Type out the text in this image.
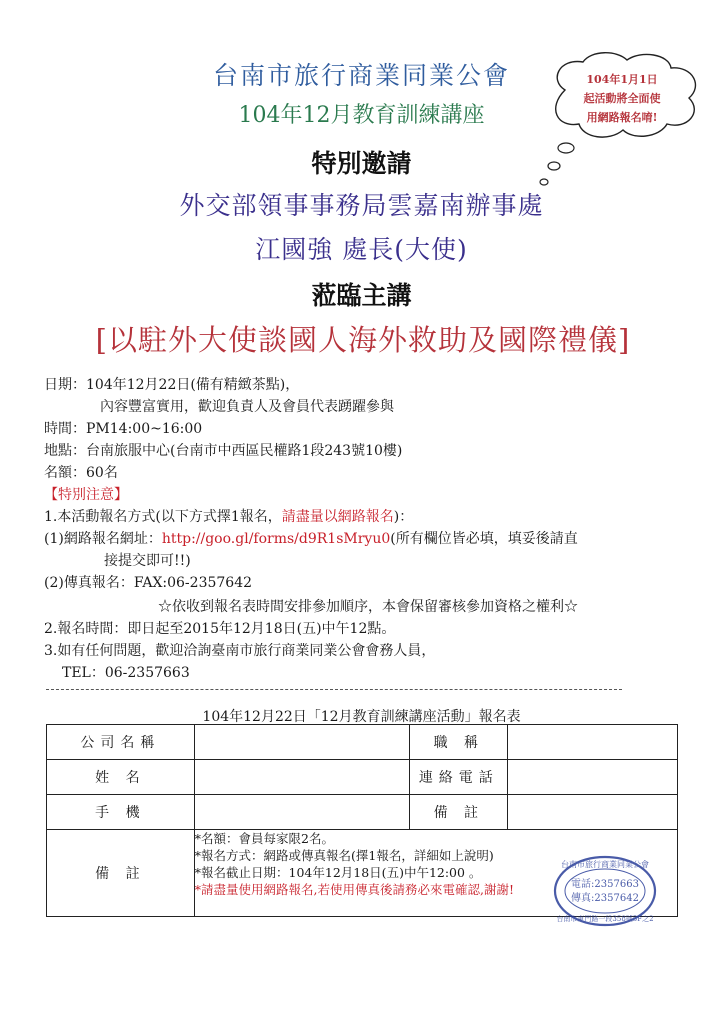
台南市旅行商業同業公會
104年12月教育訓練講座
特別邀請
外交部領事事務局雲嘉南辦事處
江國強 處長(大使)
蒞臨主講
[以駐外大使談國人海外救助及國際禮儀]
104年1月1日
起活動將全面使
用網路報名唷!
日期：104年12月22日(備有精緻茶點)，
內容豐富實用，歡迎負責人及會員代表踴躍參與
時間：PM14:00~16:00
地點：台南旅服中心(台南市中西區民權路1段243號10樓)
名額：60名
【特別注意】
1.本活動報名方式(以下方式擇1報名，請盡量以網路報名)：
(1)網路報名網址：http://goo.gl/forms/d9R1sMryu0(所有欄位皆必填，填妥後請直
接提交即可!!)
(2)傳真報名：FAX:06-2357642
☆依收到報名表時間安排參加順序，本會保留審核參加資格之權利☆
2.報名時間：即日起至2015年12月18日(五)中午12點。
3.如有任何問題，歡迎洽詢臺南市旅行商業同業公會會務人員，
TEL：06-2357663
104年12月22日「12月教育訓練講座活動」報名表
公司名稱		職 稱	
姓 名		連絡電話	
手 機		備 註	
備 註	*名額：會員每家限2名。
*報名方式：網路或傳真報名(擇1報名，詳細如上說明)
*報名截止日期：104年12月18日(五)中午12:00 。
*請盡量使用網路報名,若使用傳真後請務必來電確認,謝謝!		
台南市旅行商業同業公會
電話:2357663
傳真:2357642
台南市東門路一段358號5F之2
